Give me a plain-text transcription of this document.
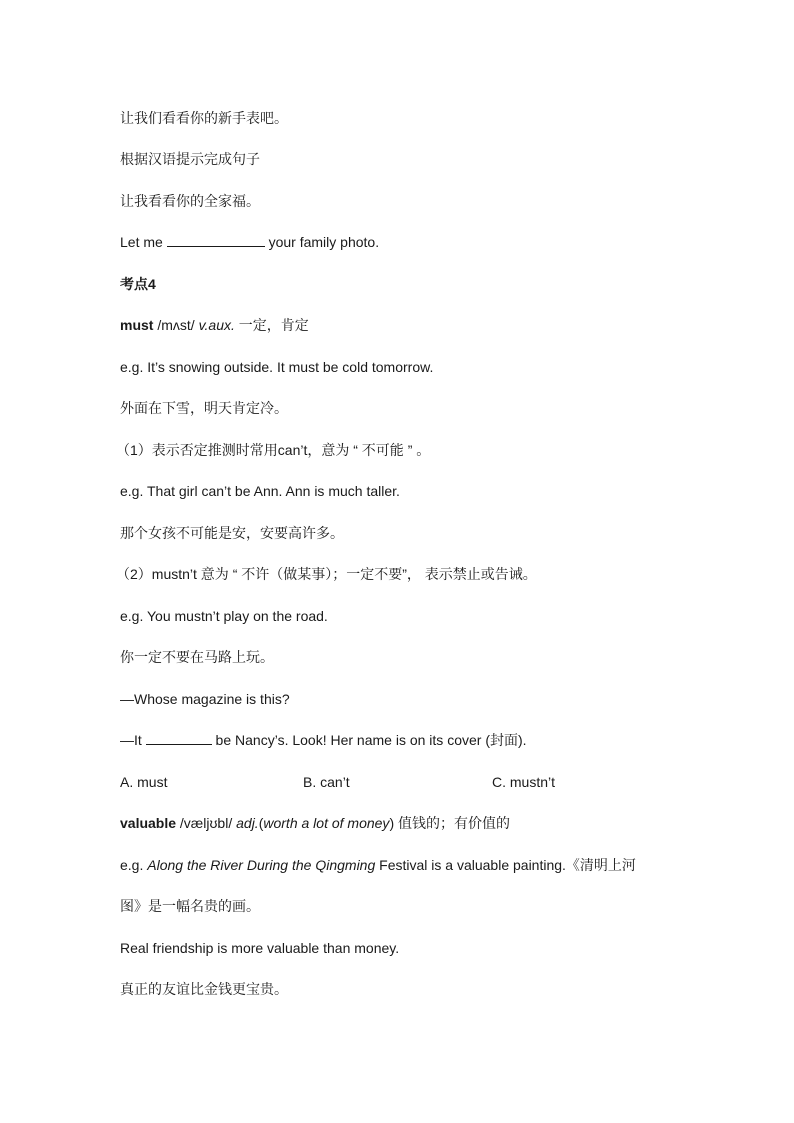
让我们看看你的新手表吧。
根据汉语提示完成句子
让我看看你的全家福。
Let me	your family photo.
考点4
must /mʌst/ v.aux. 一定，肯定
e.g. It’s snowing outside. It must be cold tomorrow.
外面在下雪，明天肯定冷。
（1）表示否定推测时常用can’t，意为 “ 不可能 ” 。
e.g. That girl can’t be Ann. Ann is much taller.
那个女孩不可能是安，安要高许多。
（2）mustn’t 意为 “ 不许（做某事）；一定不要”， 表示禁止或告诫。
e.g. You mustn’t play on the road.
你一定不要在马路上玩。
—Whose magazine is this?
—It	be Nancy’s. Look! Her name is on its cover (封面).
A. must	B. can’t	C. mustn’t
valuable /væljʊbl/ adj.(worth a lot of money) 值钱的；有价值的
e.g. Along the River During the Qingming Festival is a valuable painting.《清明上河
图》是一幅名贵的画。
Real friendship is more valuable than money.
真正的友谊比金钱更宝贵。
